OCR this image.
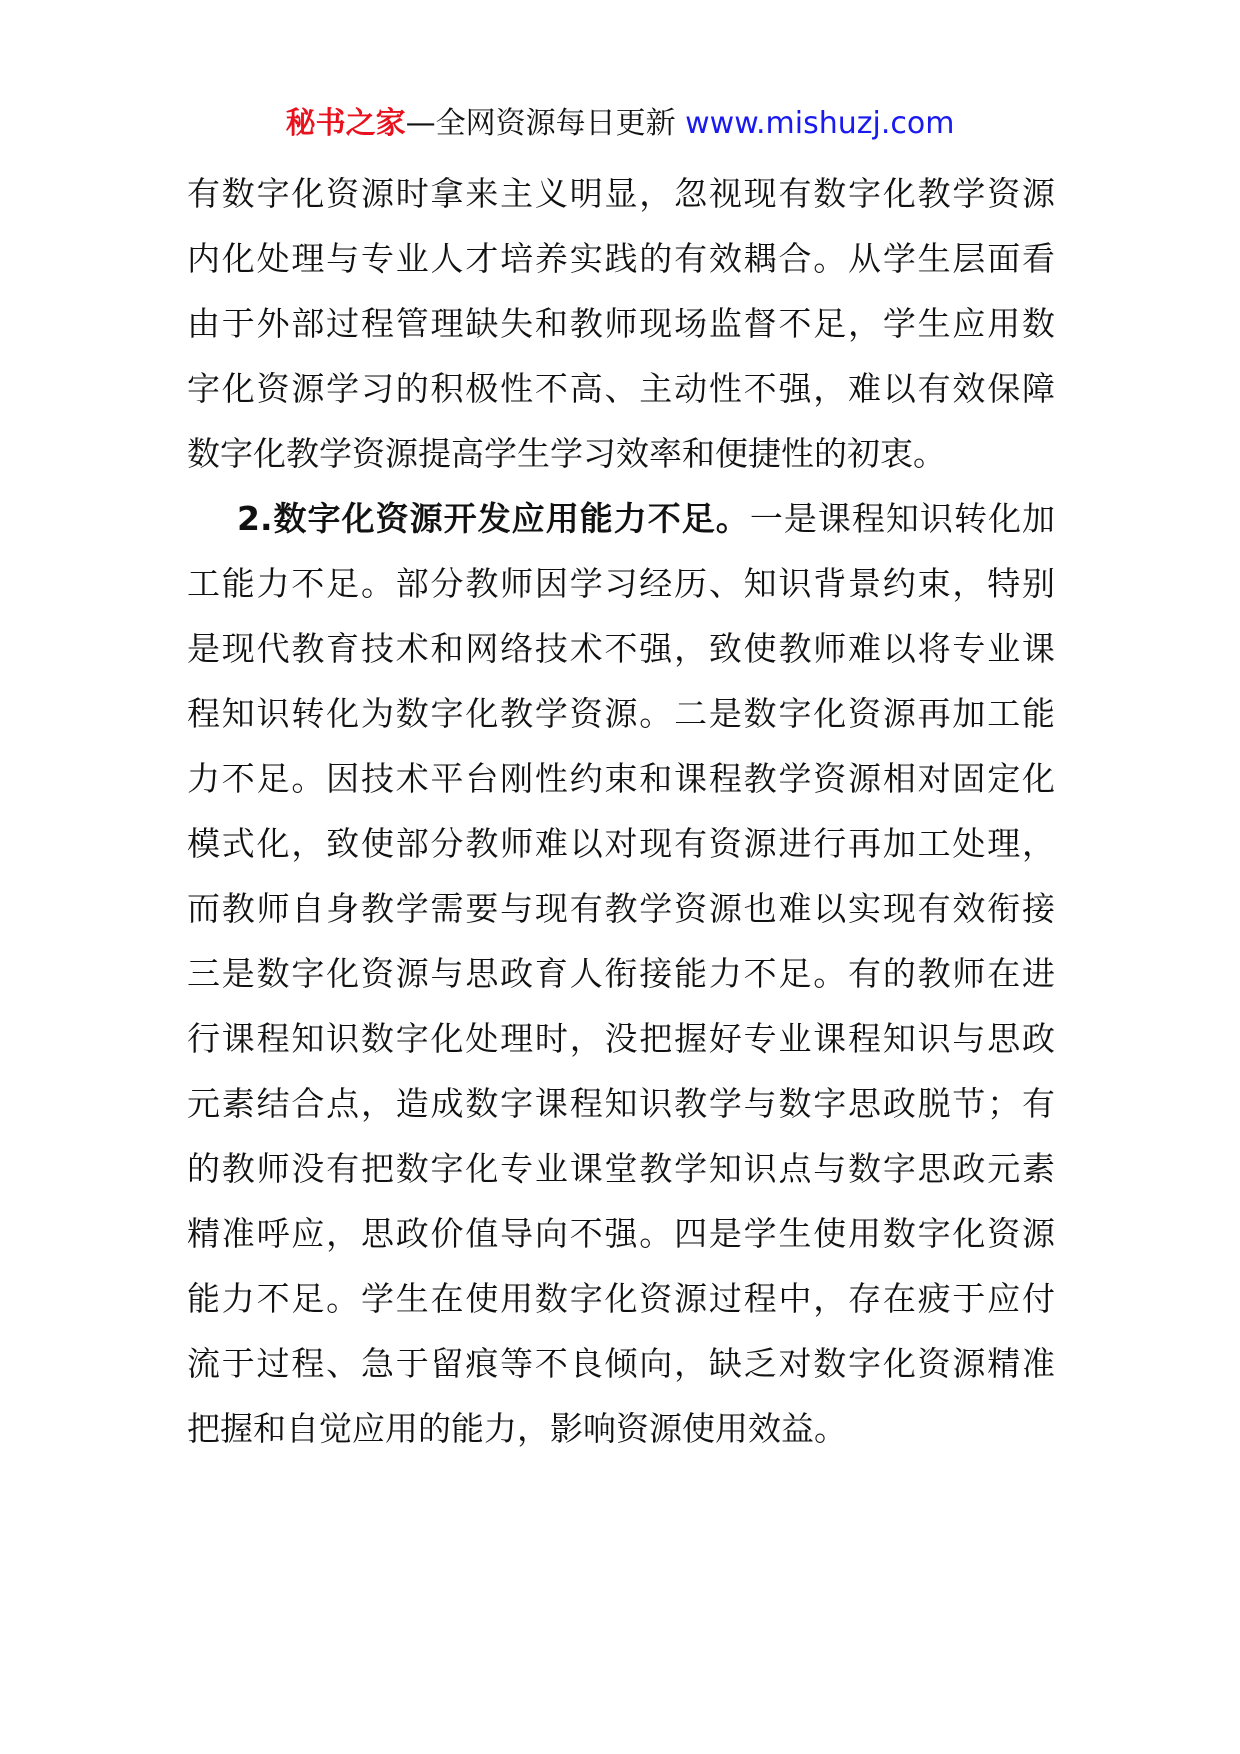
秘书之家—全网资源每日更新 www.mishuzj.com
有数字化资源时拿来主义明显，忽视现有数字化教学资源
内化处理与专业人才培养实践的有效耦合。从学生层面看
由于外部过程管理缺失和教师现场监督不足，学生应用数
字化资源学习的积极性不高、主动性不强，难以有效保障
数字化教学资源提高学生学习效率和便捷性的初衷。
2.数字化资源开发应用能力不足。一是课程知识转化加
工能力不足。部分教师因学习经历、知识背景约束，特别
是现代教育技术和网络技术不强，致使教师难以将专业课
程知识转化为数字化教学资源。二是数字化资源再加工能
力不足。因技术平台刚性约束和课程教学资源相对固定化
模式化，致使部分教师难以对现有资源进行再加工处理，
而教师自身教学需要与现有教学资源也难以实现有效衔接
三是数字化资源与思政育人衔接能力不足。有的教师在进
行课程知识数字化处理时，没把握好专业课程知识与思政
元素结合点，造成数字课程知识教学与数字思政脱节；有
的教师没有把数字化专业课堂教学知识点与数字思政元素
精准呼应，思政价值导向不强。四是学生使用数字化资源
能力不足。学生在使用数字化资源过程中，存在疲于应付
流于过程、急于留痕等不良倾向，缺乏对数字化资源精准
把握和自觉应用的能力，影响资源使用效益。
